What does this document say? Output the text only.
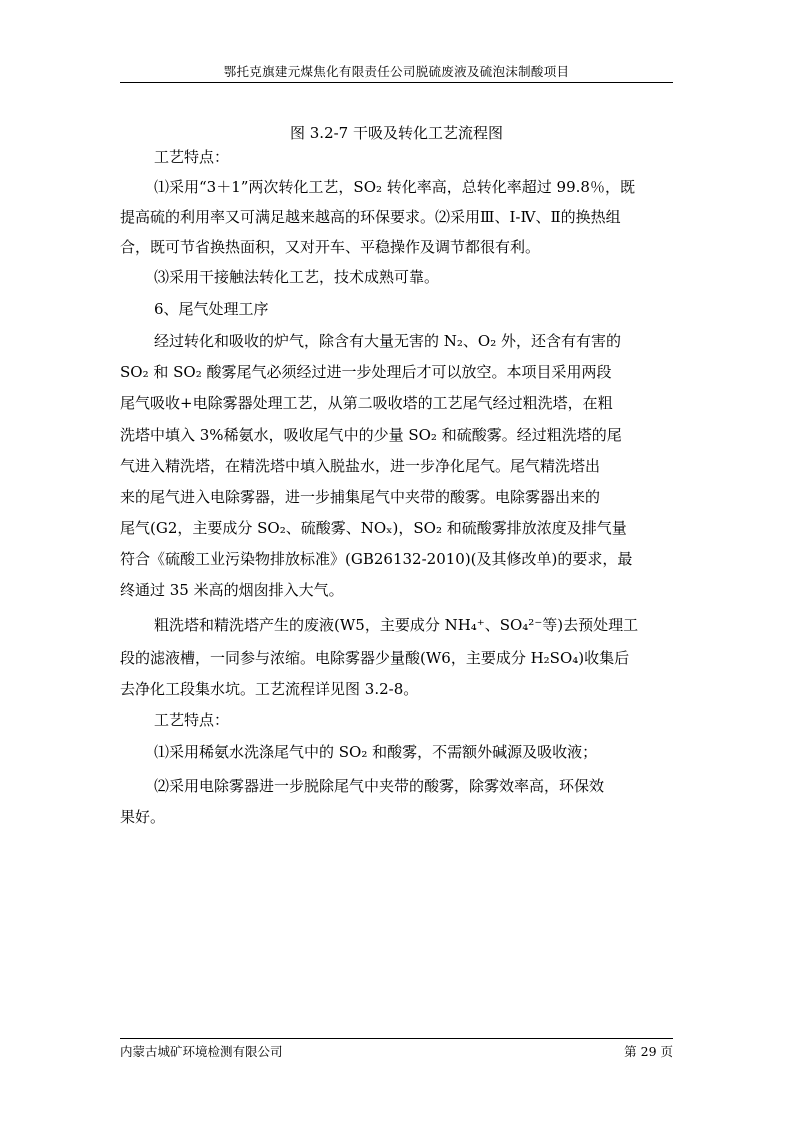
鄂托克旗建元煤焦化有限责任公司脱硫废液及硫泡沫制酸项目
图 3.2-7 干吸及转化工艺流程图
工艺特点：
⑴采用“3＋1”两次转化工艺，SO₂ 转化率高，总转化率超过 99.8％，既
提高硫的利用率又可满足越来越高的环保要求。⑵采用Ⅲ、Ⅰ-Ⅳ、Ⅱ的换热组
合，既可节省换热面积，又对开车、平稳操作及调节都很有利。
⑶采用干接触法转化工艺，技术成熟可靠。
6、尾气处理工序
经过转化和吸收的炉气，除含有大量无害的 N₂、O₂ 外，还含有有害的
SO₂ 和 SO₂ 酸雾尾气必须经过进一步处理后才可以放空。本项目采用两段
尾气吸收+电除雾器处理工艺，从第二吸收塔的工艺尾气经过粗洗塔，在粗
洗塔中填入 3%稀氨水，吸收尾气中的少量 SO₂ 和硫酸雾。经过粗洗塔的尾
气进入精洗塔，在精洗塔中填入脱盐水，进一步净化尾气。尾气精洗塔出
来的尾气进入电除雾器，进一步捕集尾气中夹带的酸雾。电除雾器出来的
尾气(G2，主要成分 SO₂、硫酸雾、NOₓ)，SO₂ 和硫酸雾排放浓度及排气量
符合《硫酸工业污染物排放标准》(GB26132-2010)(及其修改单)的要求，最
终通过 35 米高的烟囱排入大气。
粗洗塔和精洗塔产生的废液(W5，主要成分 NH₄⁺、SO₄²⁻等)去预处理工
段的滤液槽，一同参与浓缩。电除雾器少量酸(W6，主要成分 H₂SO₄)收集后
去净化工段集水坑。工艺流程详见图 3.2-8。
工艺特点：
⑴采用稀氨水洗涤尾气中的 SO₂ 和酸雾，不需额外碱源及吸收液；
⑵采用电除雾器进一步脱除尾气中夹带的酸雾，除雾效率高，环保效
果好。
内蒙古城矿环境检测有限公司	第 29 页
